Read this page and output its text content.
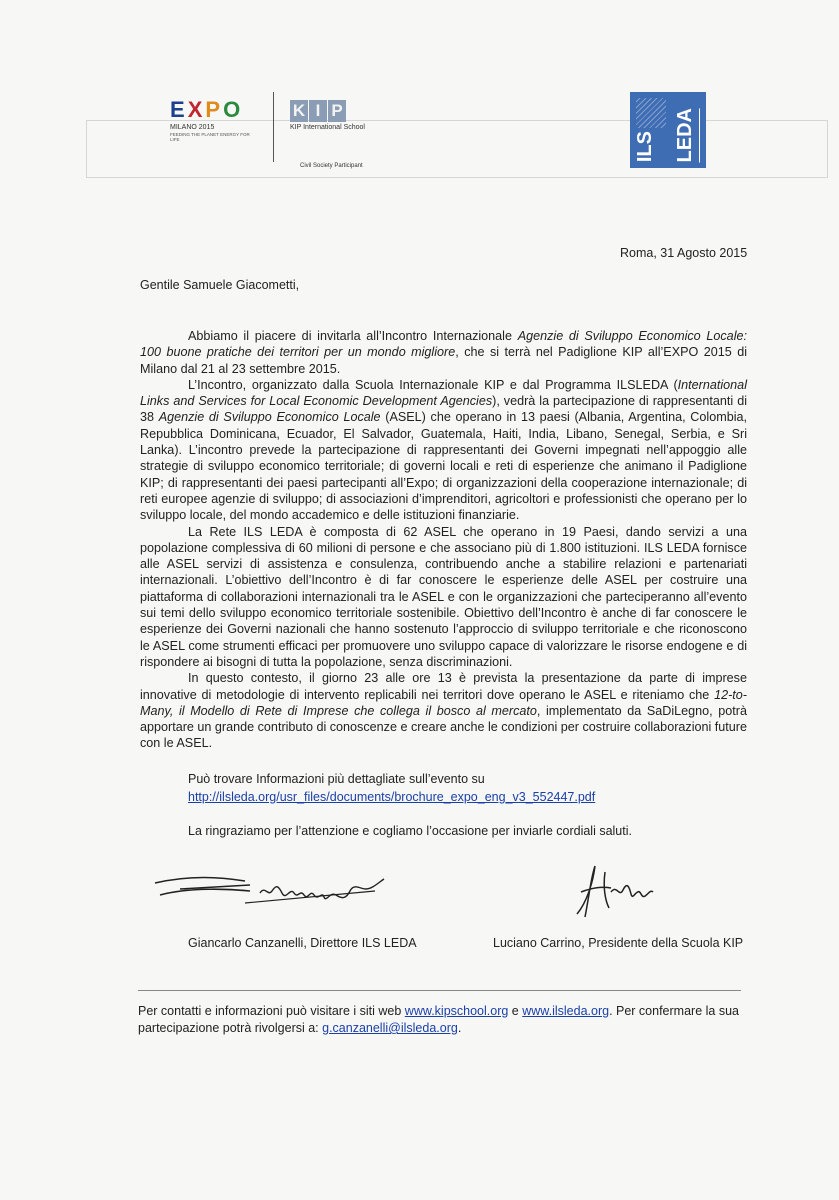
E X P O
MILANO 2015
FEEDING THE PLANET ENERGY FOR LIFE
K I P
KIP International School
Civil Society Participant
ILS LEDA
Roma, 31 Agosto 2015
Gentile Samuele Giacometti,

Abbiamo il piacere di invitarla all’Incontro Internazionale Agenzie di Sviluppo Economico Locale: 100 buone pratiche dei territori per un mondo migliore, che si terrà nel Padiglione KIP all’EXPO 2015 di Milano dal 21 al 23 settembre 2015.

L’Incontro, organizzato dalla Scuola Internazionale KIP e dal Programma ILSLEDA (International Links and Services for Local Economic Development Agencies), vedrà la partecipazione di rappresentanti di 38 Agenzie di Sviluppo Economico Locale (ASEL) che operano in 13 paesi (Albania, Argentina, Colombia, Repubblica Dominicana, Ecuador, El Salvador, Guatemala, Haiti, India, Libano, Senegal, Serbia, e Sri Lanka). L’incontro prevede la partecipazione di rappresentanti dei Governi impegnati nell’appoggio alle strategie di sviluppo economico territoriale; di governi locali e reti di esperienze che animano il Padiglione KIP; di rappresentanti dei paesi partecipanti all’Expo; di organizzazioni della cooperazione internazionale; di reti europee agenzie di sviluppo; di associazioni d’imprenditori, agricoltori e professionisti che operano per lo sviluppo locale, del mondo accademico e delle istituzioni finanziarie.

La Rete ILS LEDA è composta di 62 ASEL che operano in 19 Paesi, dando servizi a una popolazione complessiva di 60 milioni di persone e che associano più di 1.800 istituzioni. ILS LEDA fornisce alle ASEL servizi di assistenza e consulenza, contribuendo anche a stabilire relazioni e partenariati internazionali. L’obiettivo dell’Incontro è di far conoscere le esperienze delle ASEL per costruire una piattaforma di collaborazioni internazionali tra le ASEL e con le organizzazioni che parteciperanno all’evento sui temi dello sviluppo economico territoriale sostenibile. Obiettivo dell’Incontro è anche di far conoscere le esperienze dei Governi nazionali che hanno sostenuto l’approccio di sviluppo territoriale e che riconoscono le ASEL come strumenti efficaci per promuovere uno sviluppo capace di valorizzare le risorse endogene e di rispondere ai bisogni di tutta la popolazione, senza discriminazioni.

In questo contesto, il giorno 23 alle ore 13 è prevista la presentazione da parte di imprese innovative di metodologie di intervento replicabili nei territori dove operano le ASEL e riteniamo che 12-to-Many, il Modello di Rete di Imprese che collega il bosco al mercato, implementato da SaDiLegno, potrà apportare un grande contributo di conoscenze e creare anche le condizioni per costruire collaborazioni future con le ASEL.

Può trovare Informazioni più dettagliate sull’evento su
http://ilsleda.org/usr_files/documents/brochure_expo_eng_v3_552447.pdf
La ringraziamo per l’attenzione e cogliamo l’occasione per inviarle cordiali saluti.
Giancarlo Canzanelli, Direttore ILS LEDA	Luciano Carrino, Presidente della Scuola KIP
Per contatti e informazioni può visitare i siti web www.kipschool.org e www.ilsleda.org. Per confermare la sua partecipazione potrà rivolgersi a: g.canzanelli@ilsleda.org.
